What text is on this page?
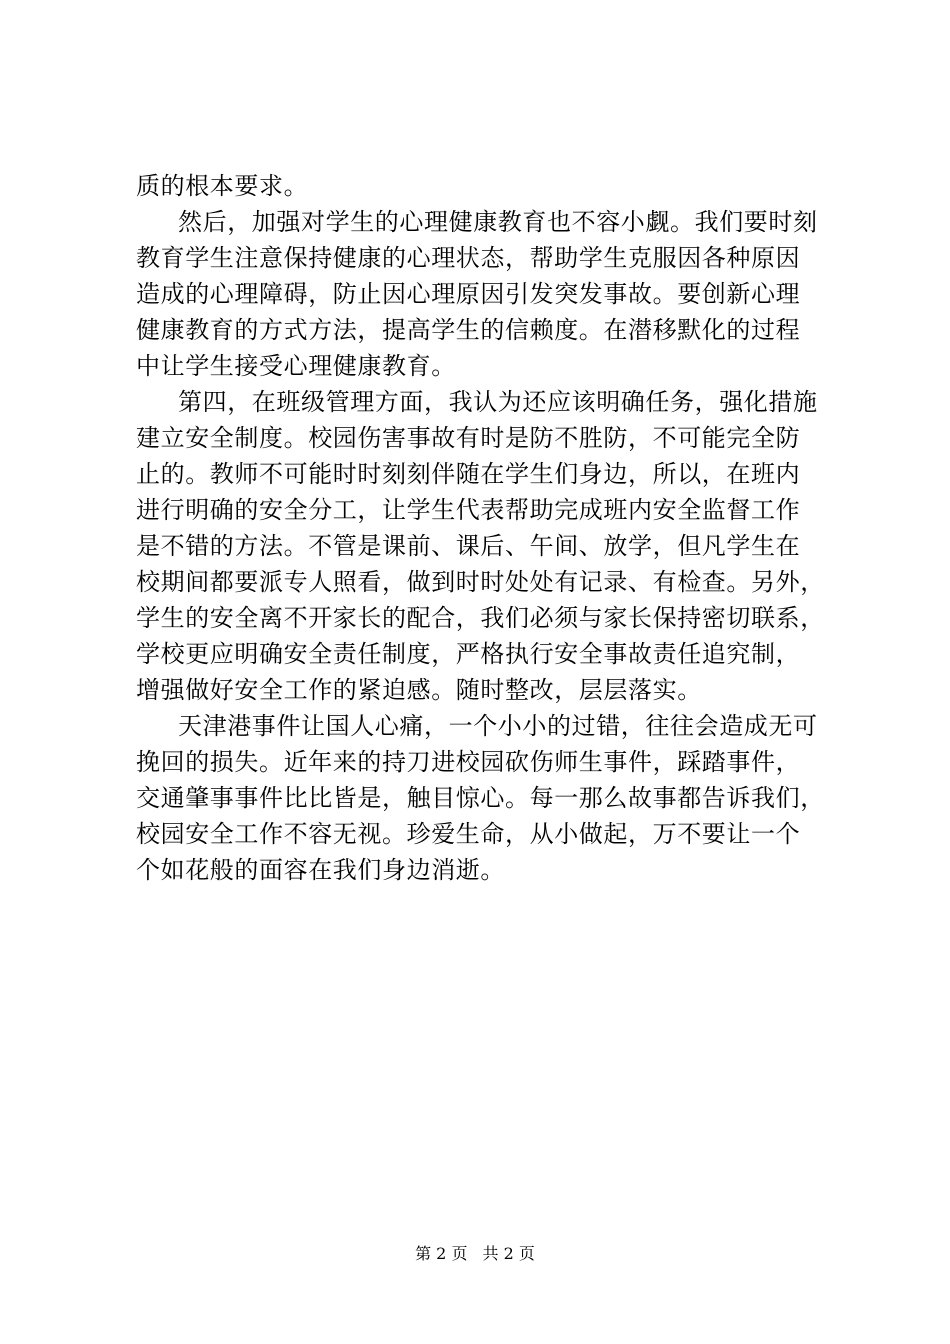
质的根本要求。
然后，加强对学生的心理健康教育也不容小觑。我们要时刻
教育学生注意保持健康的心理状态，帮助学生克服因各种原因
造成的心理障碍，防止因心理原因引发突发事故。要创新心理
健康教育的方式方法，提高学生的信赖度。在潜移默化的过程
中让学生接受心理健康教育。
第四，在班级管理方面，我认为还应该明确任务，强化措施
建立安全制度。校园伤害事故有时是防不胜防，不可能完全防
止的。教师不可能时时刻刻伴随在学生们身边，所以，在班内
进行明确的安全分工，让学生代表帮助完成班内安全监督工作
是不错的方法。不管是课前、课后、午间、放学，但凡学生在
校期间都要派专人照看，做到时时处处有记录、有检查。另外，
学生的安全离不开家长的配合，我们必须与家长保持密切联系，
学校更应明确安全责任制度，严格执行安全事故责任追究制，
增强做好安全工作的紧迫感。随时整改，层层落实。
天津港事件让国人心痛，一个小小的过错，往往会造成无可
挽回的损失。近年来的持刀进校园砍伤师生事件，踩踏事件，
交通肇事事件比比皆是，触目惊心。每一那么故事都告诉我们，
校园安全工作不容无视。珍爱生命，从小做起，万不要让一个
个如花般的面容在我们身边消逝。
第 2 页 共 2 页
